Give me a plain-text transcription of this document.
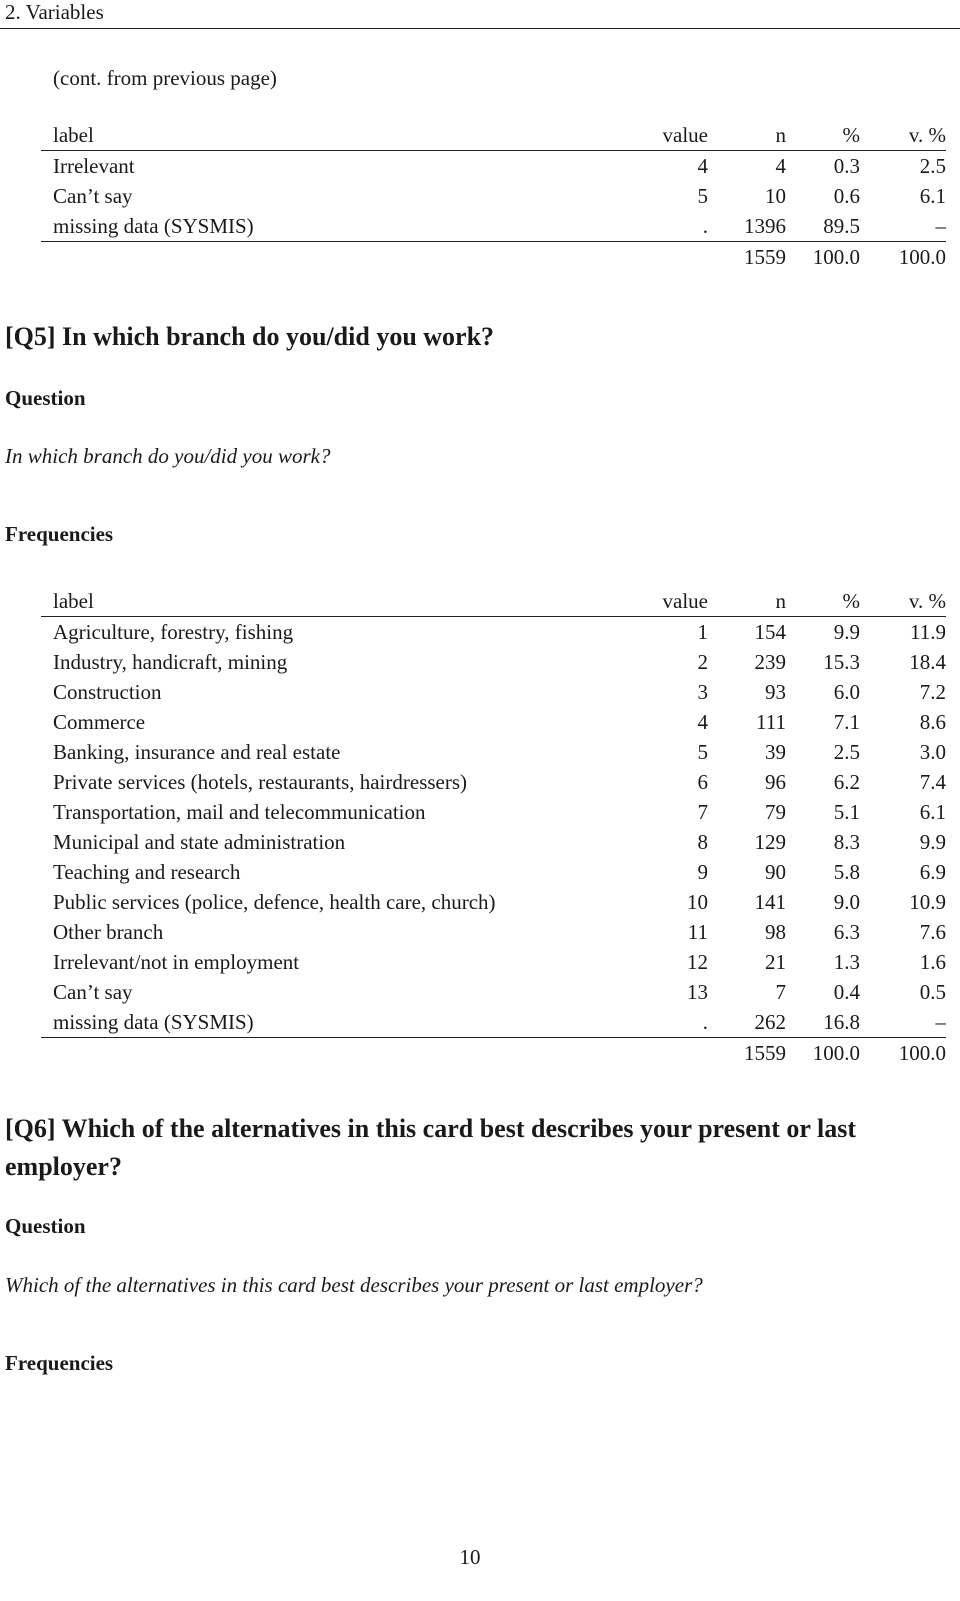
2. Variables
(cont. from previous page)
label	value	n	%	v. %
Irrelevant	4	4	0.3	2.5
Can’t say	5	10	0.6	6.1
missing data (SYSMIS)	.	1396	89.5	–
		1559	100.0	100.0
[Q5] In which branch do you/did you work?
Question
In which branch do you/did you work?
Frequencies
label	value	n	%	v. %
Agriculture, forestry, fishing	1	154	9.9	11.9
Industry, handicraft, mining	2	239	15.3	18.4
Construction	3	93	6.0	7.2
Commerce	4	111	7.1	8.6
Banking, insurance and real estate	5	39	2.5	3.0
Private services (hotels, restaurants, hairdressers)	6	96	6.2	7.4
Transportation, mail and telecommunication	7	79	5.1	6.1
Municipal and state administration	8	129	8.3	9.9
Teaching and research	9	90	5.8	6.9
Public services (police, defence, health care, church)	10	141	9.0	10.9
Other branch	11	98	6.3	7.6
Irrelevant/not in employment	12	21	1.3	1.6
Can’t say	13	7	0.4	0.5
missing data (SYSMIS)	.	262	16.8	–
		1559	100.0	100.0
[Q6] Which of the alternatives in this card best describes your present or last employer?
Question
Which of the alternatives in this card best describes your present or last employer?
Frequencies
10
